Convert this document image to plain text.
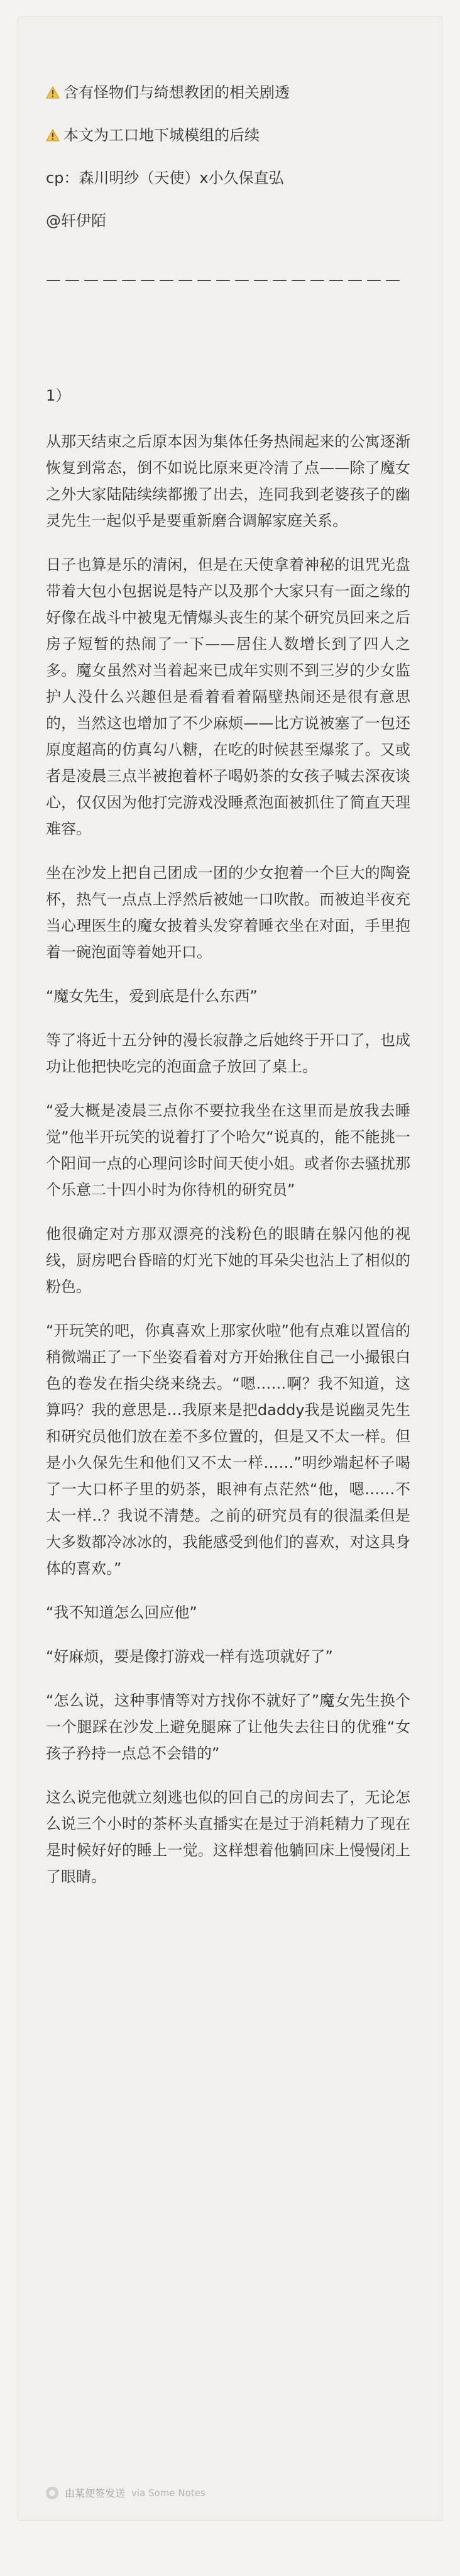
含有怪物们与绮想教团的相关剧透

本文为工口地下城模组的后续

cp：森川明纱（天使）x小久保直弘

@轩伊陌

———————————————————

1）

从那天结束之后原本因为集体任务热闹起来的公寓逐渐恢复到常态，倒不如说比原来更冷清了点——除了魔女之外大家陆陆续续都搬了出去，连同我到老婆孩子的幽灵先生一起似乎是要重新磨合调解家庭关系。

日子也算是乐的清闲，但是在天使拿着神秘的诅咒光盘带着大包小包据说是特产以及那个大家只有一面之缘的好像在战斗中被鬼无情爆头丧生的某个研究员回来之后房子短暂的热闹了一下——居住人数增长到了四人之多。魔女虽然对当着起来已成年实则不到三岁的少女监护人没什么兴趣但是看着看着隔壁热闹还是很有意思的，当然这也增加了不少麻烦——比方说被塞了一包还原度超高的仿真勾八糖，在吃的时候甚至爆浆了。又或者是凌晨三点半被抱着杯子喝奶茶的女孩子喊去深夜谈心，仅仅因为他打完游戏没睡煮泡面被抓住了简直天理难容。

坐在沙发上把自己团成一团的少女抱着一个巨大的陶瓷杯，热气一点点上浮然后被她一口吹散。而被迫半夜充当心理医生的魔女披着头发穿着睡衣坐在对面，手里抱着一碗泡面等着她开口。

“魔女先生，爱到底是什么东西”

等了将近十五分钟的漫长寂静之后她终于开口了，也成功让他把快吃完的泡面盒子放回了桌上。

“爱大概是凌晨三点你不要拉我坐在这里而是放我去睡觉”他半开玩笑的说着打了个哈欠“说真的，能不能挑一个阳间一点的心理问诊时间天使小姐。或者你去骚扰那个乐意二十四小时为你待机的研究员”

他很确定对方那双漂亮的浅粉色的眼睛在躲闪他的视线，厨房吧台昏暗的灯光下她的耳朵尖也沾上了相似的粉色。

“开玩笑的吧，你真喜欢上那家伙啦”他有点难以置信的稍微端正了一下坐姿看着对方开始揪住自己一小撮银白色的卷发在指尖绕来绕去。“嗯……啊？我不知道，这算吗？我的意思是…我原来是把daddy我是说幽灵先生和研究员他们放在差不多位置的，但是又不太一样。但是小久保先生和他们又不太一样……”明纱端起杯子喝了一大口杯子里的奶茶，眼神有点茫然“他，嗯……不太一样..？我说不清楚。之前的研究员有的很温柔但是大多数都冷冰冰的，我能感受到他们的喜欢，对这具身体的喜欢。”

“我不知道怎么回应他”

“好麻烦，要是像打游戏一样有选项就好了”

“怎么说，这种事情等对方找你不就好了”魔女先生换个一个腿踩在沙发上避免腿麻了让他失去往日的优雅“女孩子矜持一点总不会错的”

这么说完他就立刻逃也似的回自己的房间去了，无论怎么说三个小时的茶杯头直播实在是过于消耗精力了现在是时候好好的睡上一觉。这样想着他躺回床上慢慢闭上了眼睛。

由某便签发送 via Some Notes
